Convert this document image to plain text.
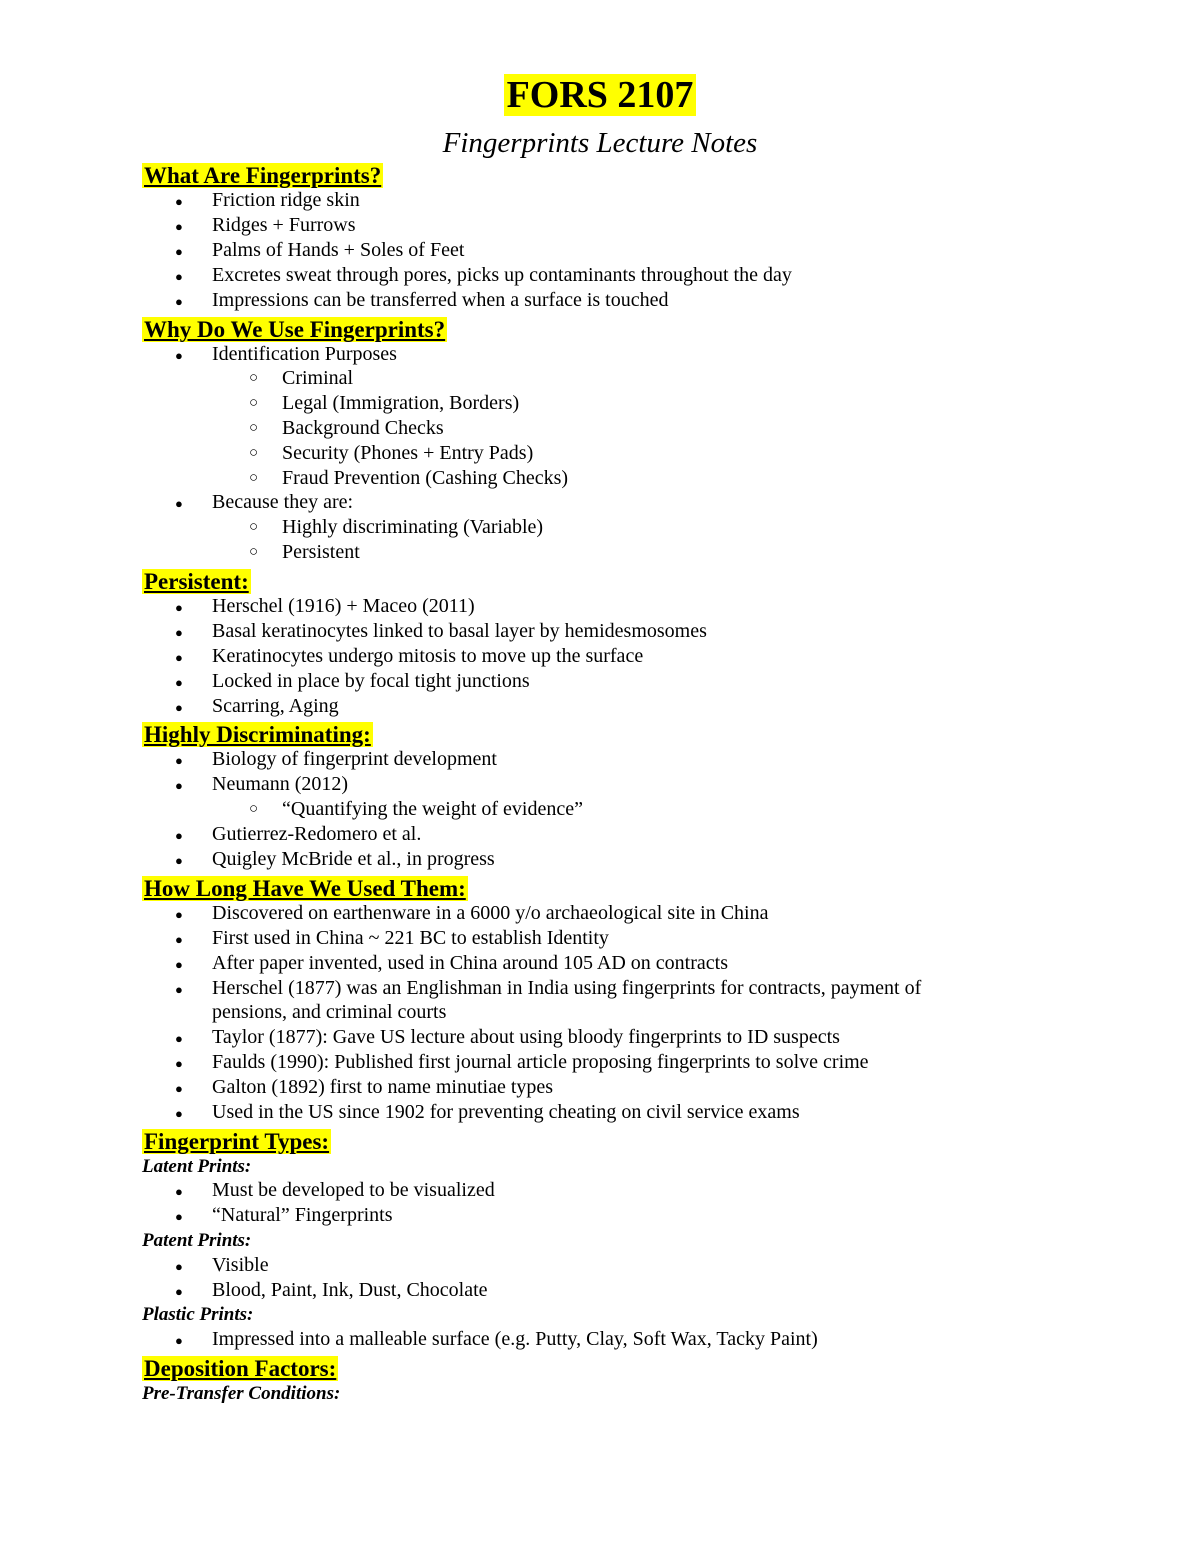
FORS 2107
Fingerprints Lecture Notes
What Are Fingerprints?
● Friction ridge skin
● Ridges + Furrows
● Palms of Hands + Soles of Feet
● Excretes sweat through pores, picks up contaminants throughout the day
● Impressions can be transferred when a surface is touched
Why Do We Use Fingerprints?
● Identification Purposes
○ Criminal
○ Legal (Immigration, Borders)
○ Background Checks
○ Security (Phones + Entry Pads)
○ Fraud Prevention (Cashing Checks)
● Because they are:
○ Highly discriminating (Variable)
○ Persistent
Persistent:
● Herschel (1916) + Maceo (2011)
● Basal keratinocytes linked to basal layer by hemidesmosomes
● Keratinocytes undergo mitosis to move up the surface
● Locked in place by focal tight junctions
● Scarring, Aging
Highly Discriminating:
● Biology of fingerprint development
● Neumann (2012)
○ “Quantifying the weight of evidence”
● Gutierrez-Redomero et al.
● Quigley McBride et al., in progress
How Long Have We Used Them:
● Discovered on earthenware in a 6000 y/o archaeological site in China
● First used in China ~ 221 BC to establish Identity
● After paper invented, used in China around 105 AD on contracts
● Herschel (1877) was an Englishman in India using fingerprints for contracts, payment of
pensions, and criminal courts
● Taylor (1877): Gave US lecture about using bloody fingerprints to ID suspects
● Faulds (1990): Published first journal article proposing fingerprints to solve crime
● Galton (1892) first to name minutiae types
● Used in the US since 1902 for preventing cheating on civil service exams
Fingerprint Types:
Latent Prints:
● Must be developed to be visualized
● “Natural” Fingerprints
Patent Prints:
● Visible
● Blood, Paint, Ink, Dust, Chocolate
Plastic Prints:
● Impressed into a malleable surface (e.g. Putty, Clay, Soft Wax, Tacky Paint)
Deposition Factors:
Pre-Transfer Conditions:
